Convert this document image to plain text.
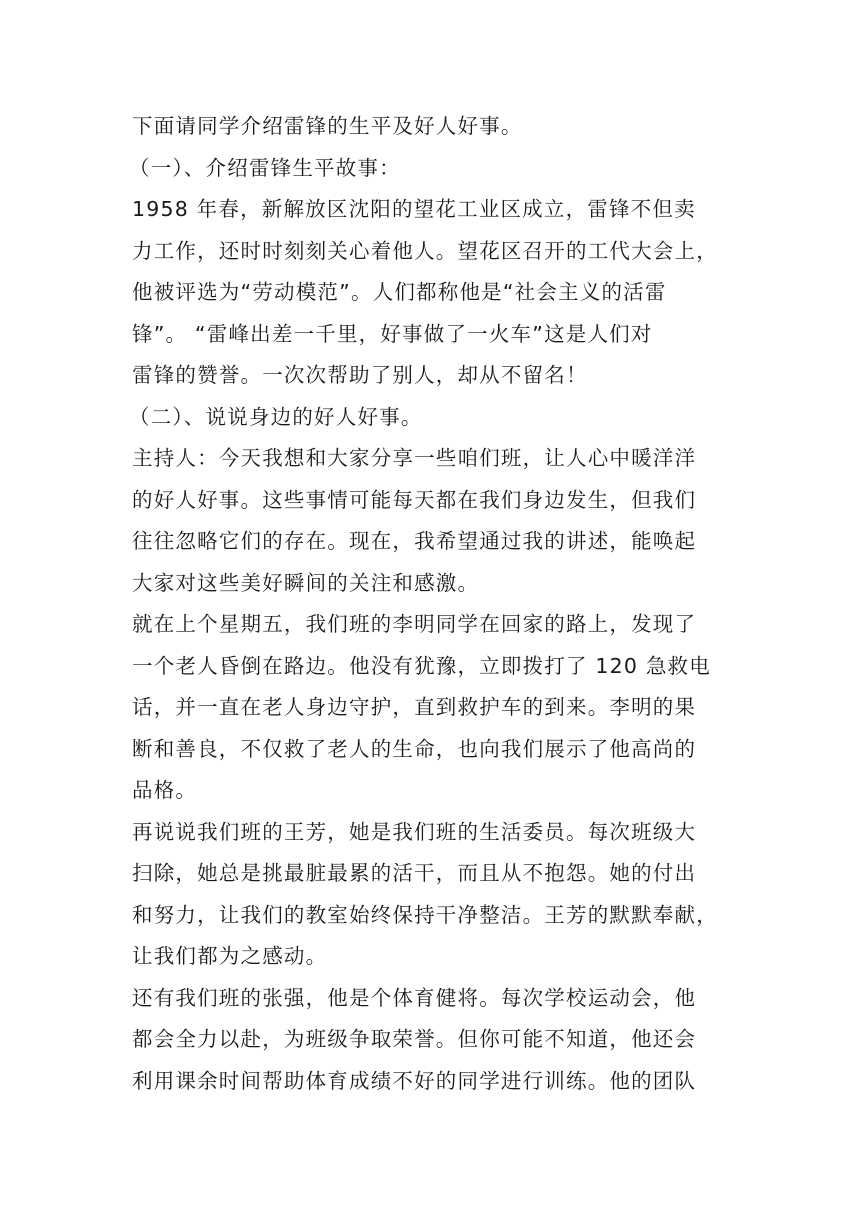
下面请同学介绍雷锋的生平及好人好事。
（一）、介绍雷锋生平故事：
1958 年春，新解放区沈阳的望花工业区成立，雷锋不但卖
力工作，还时时刻刻关心着他人。望花区召开的工代大会上，
他被评选为“劳动模范”。人们都称他是“社会主义的活雷
锋”。 “雷峰出差一千里，好事做了一火车”这是人们对
雷锋的赞誉。一次次帮助了别人，却从不留名！
（二）、说说身边的好人好事。
主持人：今天我想和大家分享一些咱们班，让人心中暖洋洋
的好人好事。这些事情可能每天都在我们身边发生，但我们
往往忽略它们的存在。现在，我希望通过我的讲述，能唤起
大家对这些美好瞬间的关注和感激。
就在上个星期五，我们班的李明同学在回家的路上，发现了
一个老人昏倒在路边。他没有犹豫，立即拨打了 120 急救电
话，并一直在老人身边守护，直到救护车的到来。李明的果
断和善良，不仅救了老人的生命，也向我们展示了他高尚的
品格。
再说说我们班的王芳，她是我们班的生活委员。每次班级大
扫除，她总是挑最脏最累的活干，而且从不抱怨。她的付出
和努力，让我们的教室始终保持干净整洁。王芳的默默奉献，
让我们都为之感动。
还有我们班的张强，他是个体育健将。每次学校运动会，他
都会全力以赴，为班级争取荣誉。但你可能不知道，他还会
利用课余时间帮助体育成绩不好的同学进行训练。他的团队
